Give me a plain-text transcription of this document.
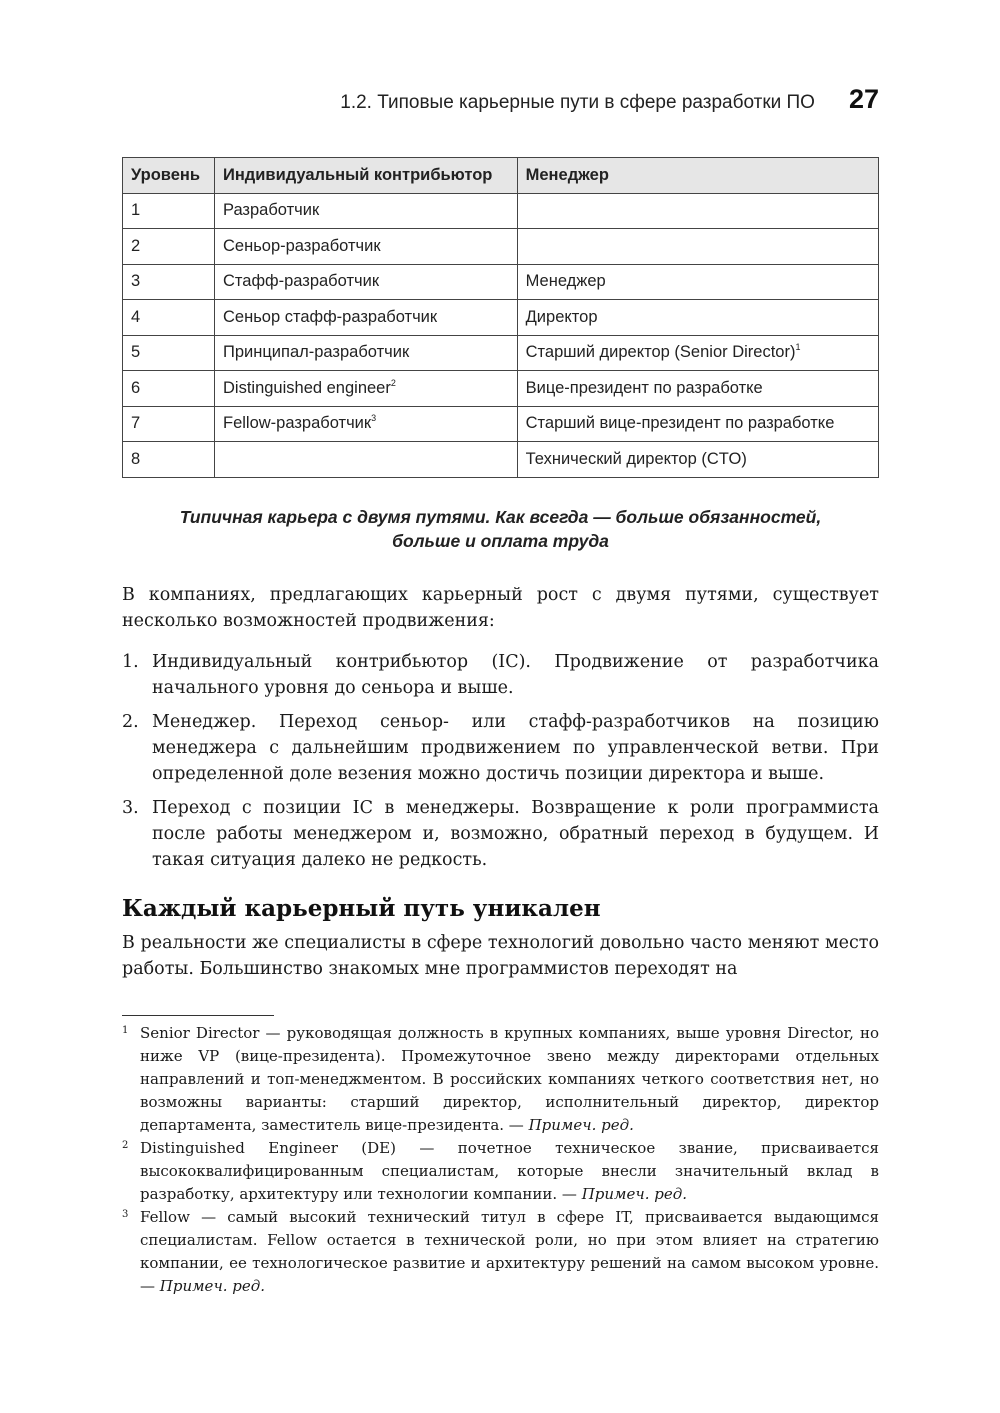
1.2. Типовые карьерные пути в сфере разработки ПО 27
Уровень	Индивидуальный контрибьютор	Менеджер
1	Разработчик	
2	Сеньор-разработчик	
3	Стафф-разработчик	Менеджер
4	Сеньор стафф-разработчик	Директор
5	Принципал-разработчик	Старший директор (Senior Director)$^1$
6	Distinguished engineer$^2$	Вице-президент по разработке
7	Fellow-разработчик$^3$	Старший вице-президент по разработке
8		Технический директор (CTO)
Типичная карьера с двумя путями. Как всегда — больше обязанностей,
больше и оплата труда

В компаниях, предлагающих карьерный рост с двумя путями, существует несколько возможностей продвижения:

1. Индивидуальный контрибьютор (IC). Продвижение от разработчика начального уровня до сеньора и выше.
2. Менеджер. Переход сеньор- или стафф-разработчиков на позицию менеджера с дальнейшим продвижением по управленческой ветви. При определенной доле везения можно достичь позиции директора и выше.
3. Переход с позиции IC в менеджеры. Возвращение к роли программиста после работы менеджером и, возможно, обратный переход в будущем. И такая ситуация далеко не редкость.
Каждый карьерный путь уникален

В реальности же специалисты в сфере технологий довольно часто меняют место работы. Большинство знакомых мне программистов переходят на

1 Senior Director — руководящая должность в крупных компаниях, выше уровня Director, но ниже VP (вице-президента). Промежуточное звено между директорами отдельных направлений и топ-менеджментом. В российских компаниях четкого соответствия нет, но возможны варианты: старший директор, исполнительный директор, директор департамента, заместитель вице-президента. — Примеч. ред.
2 Distinguished Engineer (DE) — почетное техническое звание, присваивается высококвалифицированным специалистам, которые внесли значительный вклад в разработку, архитектуру или технологии компании. — Примеч. ред.
3 Fellow — самый высокий технический титул в сфере IT, присваивается выдающимся специалистам. Fellow остается в технической роли, но при этом влияет на стратегию компании, ее технологическое развитие и архитектуру решений на самом высоком уровне. — Примеч. ред.
